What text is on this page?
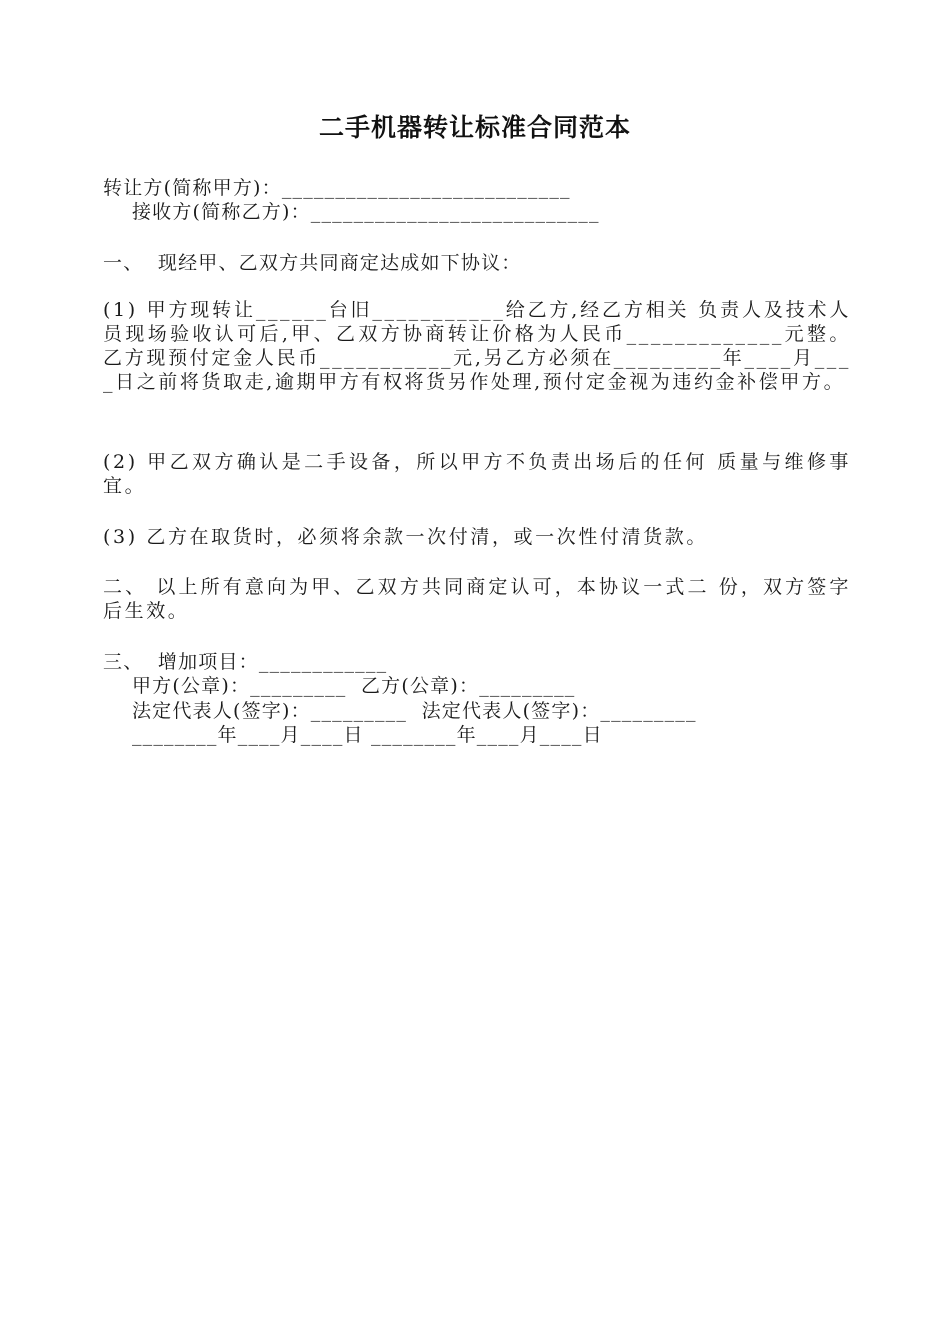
二手机器转让标准合同范本
转让方(简称甲方)：___________________________
接收方(简称乙方)：___________________________
一、  现经甲、乙双方共同商定达成如下协议：
(1) 甲方现转让______台旧___________给乙方,经乙方相关 负责人及技术人员现场验收认可后,甲、乙双方协商转让价格为人民币_____________元整。乙方现预付定金人民币___________元,另乙方必须在_________年____月____日之前将货取走,逾期甲方有权将货另作处理,预付定金视为违约金补偿甲方。
(2) 甲乙双方确认是二手设备，所以甲方不负责出场后的任何 质量与维修事宜。
(3) 乙方在取货时，必须将余款一次付清，或一次性付清货款。
二、 以上所有意向为甲、乙双方共同商定认可，本协议一式二 份，双方签字后生效。
三、  增加项目：____________
甲方(公章)：_________  乙方(公章)：_________
法定代表人(签字)：_________  法定代表人(签字)：_________
________年____月____日 ________年____月____日
